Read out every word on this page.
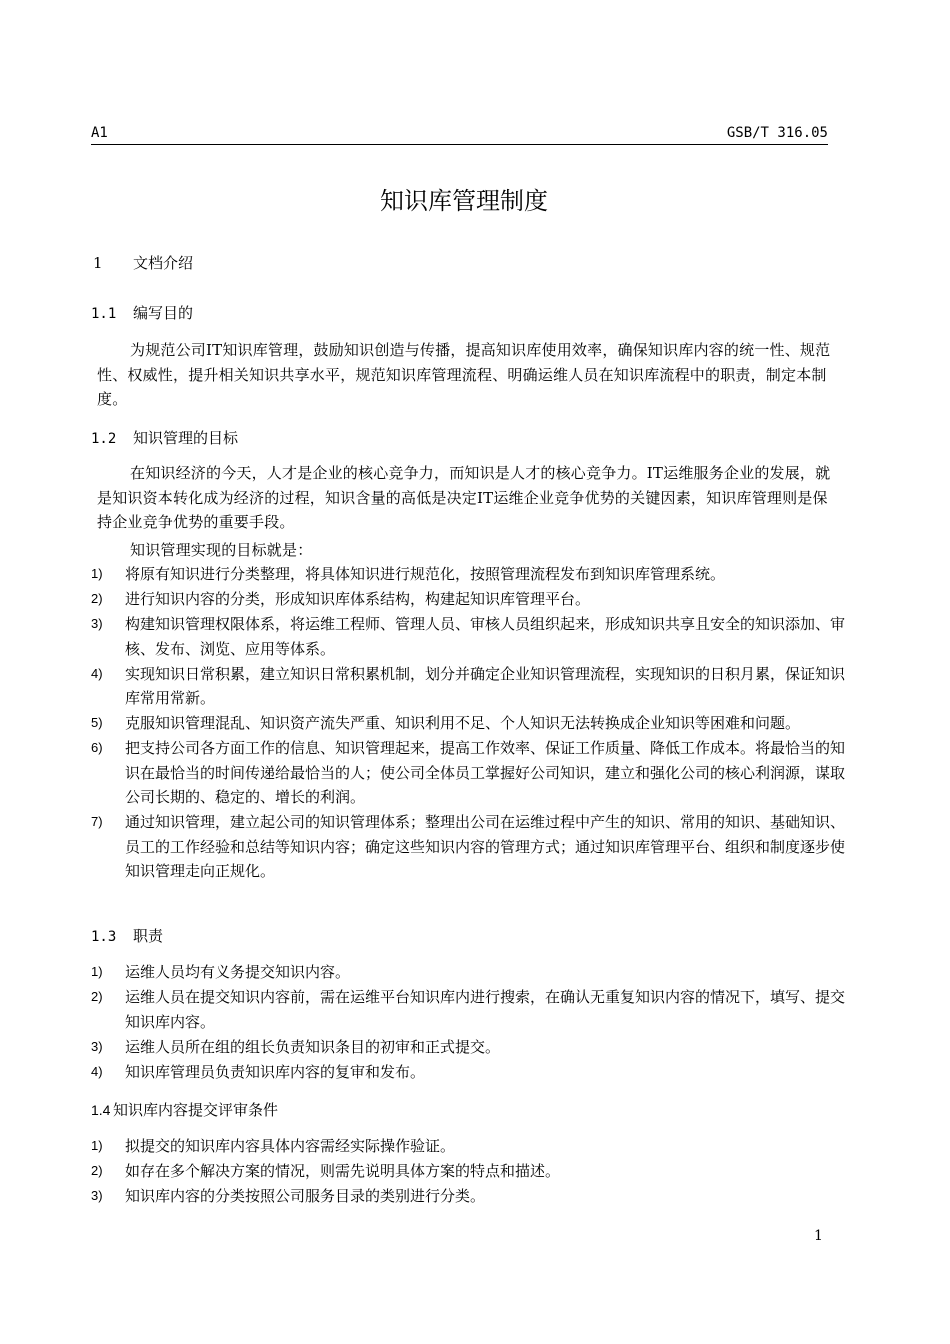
A1	GSB/T 316.05
知识库管理制度
1 文档介绍
1.1 编写目的
为规范公司IT知识库管理，鼓励知识创造与传播，提高知识库使用效率，确保知识库内容的统一性、规范性、权威性，提升相关知识共享水平，规范知识库管理流程、明确运维人员在知识库流程中的职责，制定本制度。
1.2 知识管理的目标
在知识经济的今天，人才是企业的核心竞争力，而知识是人才的核心竞争力。IT运维服务企业的发展，就是知识资本转化成为经济的过程，知识含量的高低是决定IT运维企业竞争优势的关键因素，知识库管理则是保持企业竞争优势的重要手段。
知识管理实现的目标就是：
1) 将原有知识进行分类整理，将具体知识进行规范化，按照管理流程发布到知识库管理系统。
2) 进行知识内容的分类，形成知识库体系结构，构建起知识库管理平台。
3) 构建知识管理权限体系，将运维工程师、管理人员、审核人员组织起来，形成知识共享且安全的知识添加、审核、发布、浏览、应用等体系。
4) 实现知识日常积累，建立知识日常积累机制，划分并确定企业知识管理流程，实现知识的日积月累，保证知识库常用常新。
5) 克服知识管理混乱、知识资产流失严重、知识利用不足、个人知识无法转换成企业知识等困难和问题。
6) 把支持公司各方面工作的信息、知识管理起来，提高工作效率、保证工作质量、降低工作成本。将最恰当的知识在最恰当的时间传递给最恰当的人；使公司全体员工掌握好公司知识，建立和强化公司的核心利润源，谋取公司长期的、稳定的、增长的利润。
7) 通过知识管理，建立起公司的知识管理体系；整理出公司在运维过程中产生的知识、常用的知识、基础知识、员工的工作经验和总结等知识内容；确定这些知识内容的管理方式；通过知识库管理平台、组织和制度逐步使知识管理走向正规化。
1.3 职责
1) 运维人员均有义务提交知识内容。
2) 运维人员在提交知识内容前，需在运维平台知识库内进行搜索，在确认无重复知识内容的情况下，填写、提交知识库内容。
3) 运维人员所在组的组长负责知识条目的初审和正式提交。
4) 知识库管理员负责知识库内容的复审和发布。
1.4 知识库内容提交评审条件
1) 拟提交的知识库内容具体内容需经实际操作验证。
2) 如存在多个解决方案的情况，则需先说明具体方案的特点和描述。
3) 知识库内容的分类按照公司服务目录的类别进行分类。
1
